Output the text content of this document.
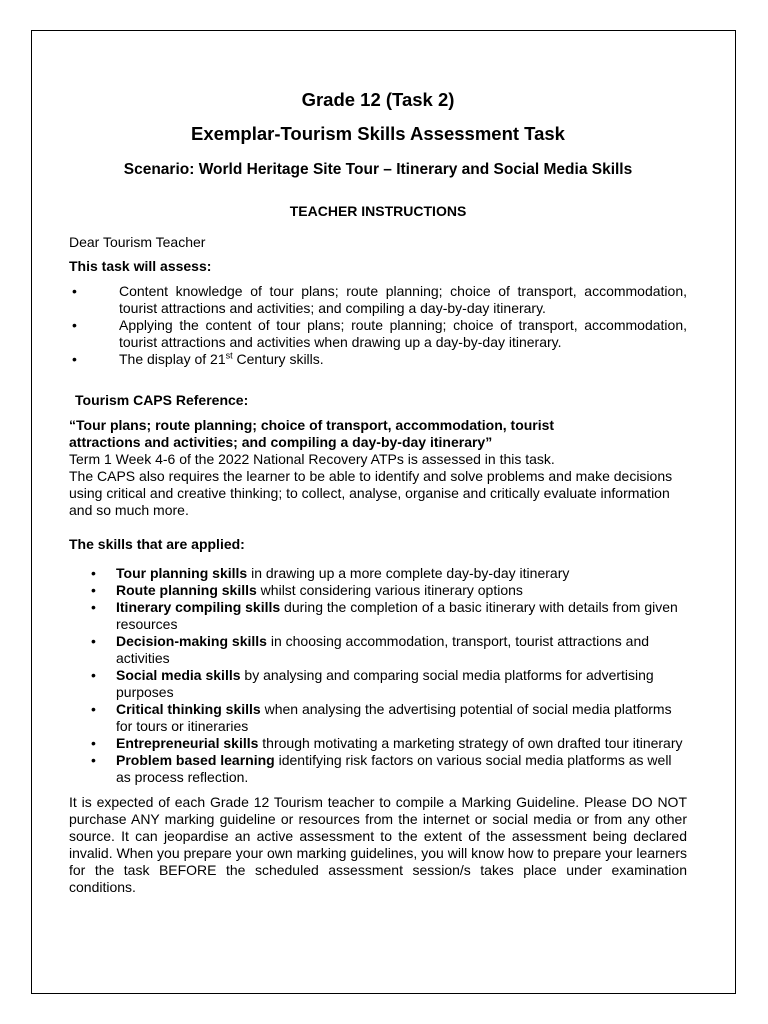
Grade 12 (Task 2)
Exemplar-Tourism Skills Assessment Task
Scenario: World Heritage Site Tour – Itinerary and Social Media Skills
TEACHER INSTRUCTIONS

Dear Tourism Teacher

This task will assess:

•	Content knowledge of tour plans; route planning; choice of transport, accommodation, tourist attractions and activities; and compiling a day-by-day itinerary.
•	Applying the content of tour plans; route planning; choice of transport, accommodation, tourist attractions and activities when drawing up a day-by-day itinerary.
•	The display of 21st Century skills.

Tourism CAPS Reference:

“Tour plans; route planning; choice of transport, accommodation, tourist
attractions and activities; and compiling a day-by-day itinerary”

Term 1 Week 4-6 of the 2022 National Recovery ATPs is assessed in this task.

The CAPS also requires the learner to be able to identify and solve problems and make decisions using critical and creative thinking; to collect, analyse, organise and critically evaluate information and so much more.

The skills that are applied:

• Tour planning skills in drawing up a more complete day-by-day itinerary
• Route planning skills whilst considering various itinerary options
• Itinerary compiling skills during the completion of a basic itinerary with details from given resources
• Decision-making skills in choosing accommodation, transport, tourist attractions and activities
• Social media skills by analysing and comparing social media platforms for advertising purposes
• Critical thinking skills when analysing the advertising potential of social media platforms for tours or itineraries
• Entrepreneurial skills through motivating a marketing strategy of own drafted tour itinerary
• Problem based learning identifying risk factors on various social media platforms as well as process reflection.

It is expected of each Grade 12 Tourism teacher to compile a Marking Guideline. Please DO NOT purchase ANY marking guideline or resources from the internet or social media or from any other source. It can jeopardise an active assessment to the extent of the assessment being declared invalid. When you prepare your own marking guidelines, you will know how to prepare your learners for the task BEFORE the scheduled assessment session/s takes place under examination conditions.
